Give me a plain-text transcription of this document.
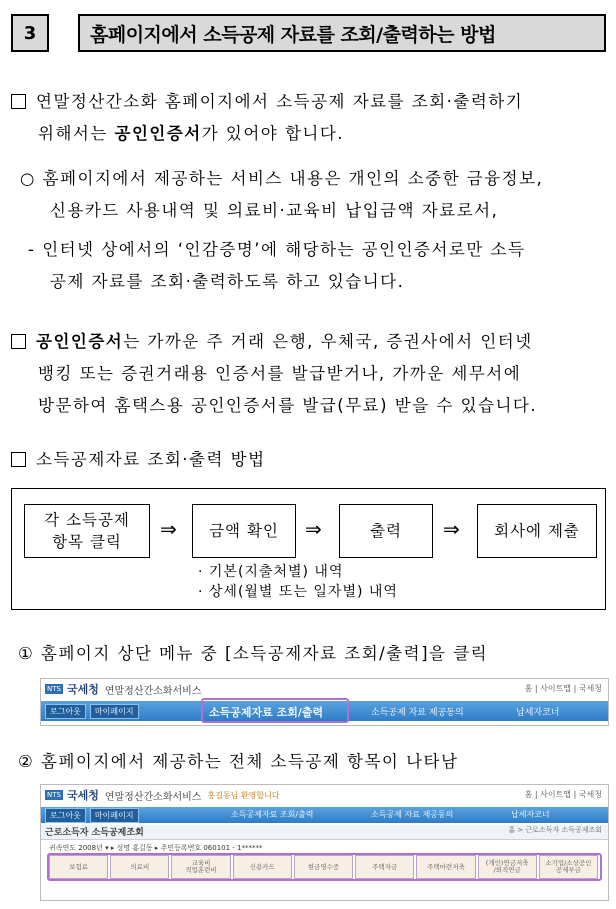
3	홈페이지에서 소득공제 자료를 조회/출력하는 방법
연말정산간소화 홈페이지에서 소득공제 자료를 조회·출력하기
위해서는 공인인증서가 있어야 합니다.
○ 홈페이지에서 제공하는 서비스 내용은 개인의 소중한 금융정보,
신용카드 사용내역 및 의료비·교육비 납입금액 자료로서,
- 인터넷 상에서의 ‘인감증명’에 해당하는 공인인증서로만 소득
공제 자료를 조회·출력하도록 하고 있습니다.
공인인증서는 가까운 주 거래 은행, 우체국, 증권사에서 인터넷
뱅킹 또는 증권거래용 인증서를 발급받거나, 가까운 세무서에
방문하여 홈택스용 공인인증서를 발급(무료) 받을 수 있습니다.
소득공제자료 조회·출력 방법
각 소득공제
항목 클릭
⇒	금액 확인	⇒	출력	⇒	회사에 제출
· 기본(지출처별) 내역
· 상세(월별 또는 일자별) 내역
① 홈페이지 상단 메뉴 중 [소득공제자료 조회/출력]을 클릭
NTS 국세청 연말정산간소화서비스	홈 | 사이트맵 | 국세청
로그아웃	마이페이지	소득공제자료 조회/출력	소득공제 자료 제공동의	납세자코너
② 홈페이지에서 제공하는 전체 소득공제 항목이 나타남
NTS 국세청 연말정산간소화서비스 홍길동님 환영합니다	홈 | 사이트맵 | 국세청
로그아웃	마이페이지	소득공제자료 조회/출력	소득공제 자료 제공동의	납세자코너
근로소득자 소득공제조회	홈 > 근로소득자 소득공제조회
귀속연도 2008년 ▾ ▸ 성명 홍길동 ▸ 주민등록번호 060101 - 1******
보험료	의료비	교육비
직업훈련비	신용카드	현금영수증	주택자금	주택마련저축	(개인)연금저축
/퇴직연금
소기업/소상공인
공제부금
